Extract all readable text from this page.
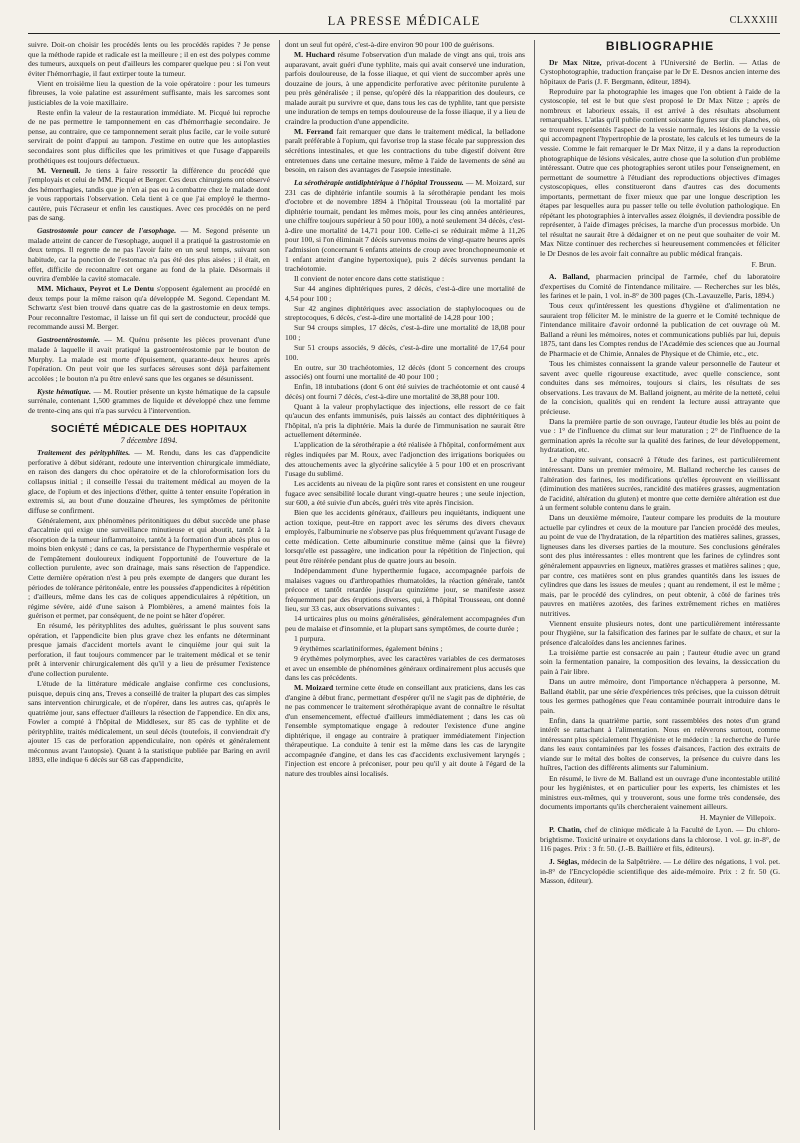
LA PRESSE MÉDICALE	CLXXXIII

suivre. Doit-on choisir les procédés lents ou les procédés rapides ? Je pense que la méthode rapide et radicale est la meilleure ; il en est des polypes comme des tumeurs, auxquels on peut d'ailleurs les comparer quelque peu : si l'on veut éviter l'hémorrhagie, il faut extirper toute la tumeur.

Vient en troisième lieu la question de la voie opératoire : pour les tumeurs fibreuses, la voie palatine est assurément suffisante, mais les sarcomes sont justiciables de la voie maxillaire.

Reste enfin la valeur de la restauration immédiate. M. Picqué lui reproche de ne pas permettre le tamponnement en cas d'hémorrhagie secondaire. Je pense, au contraire, que ce tamponnement serait plus facile, car le voile suturé servirait de point d'appui au tampon. J'estime en outre que les autoplasties secondaires sont plus difficiles que les primitives et que l'usage d'appareils prothétiques est toujours défectueux.

M. Verneuil. Je tiens à faire ressortir la différence du procédé que j'employais et celui de MM. Picqué et Berger. Ces deux chirurgiens ont observé des hémorrhagies, tandis que je n'en ai pas eu à combattre chez le malade dont je vous rapportais l'observation. Cela tient à ce que j'ai employé le thermo-cautère, puis l'écraseur et enfin les caustiques. Avec ces procédés on ne perd pas de sang.

Gastrostomie pour cancer de l'œsophage. — M. Segond présente un malade atteint de cancer de l'œsophage, auquel il a pratiqué la gastrostomie en deux temps. Il regrette de ne pas l'avoir faite en un seul temps, suivant son habitude, car la ponction de l'estomac n'a pas été des plus aisées ; il était, en effet, difficile de reconnaître cet organe au fond de la plaie. Désormais il ouvrira d'emblée la cavité stomacale.

MM. Michaux, Peyrot et Le Dentu s'opposent également au procédé en deux temps pour la même raison qu'a développée M. Segond. Cependant M. Schwartz s'est bien trouvé dans quatre cas de la gastrostomie en deux temps. Pour reconnaître l'estomac, il laisse un fil qui sert de conducteur, procédé que recommande aussi M. Berger.

Gastroentérostomie. — M. Quénu présente les pièces provenant d'une malade à laquelle il avait pratiqué la gastroentérostomie par le bouton de Murphy. La malade est morte d'épuisement, quarante-deux heures après l'opération. On peut voir que les surfaces séreuses sont déjà parfaitement accolées ; le bouton n'a pu être enlevé sans que les organes se désunissent.

Kyste hématique. — M. Routier présente un kyste hématique de la capsule surrénale, contenant 1,500 grammes de liquide et développé chez une femme de trente-cinq ans qui n'a pas survécu à l'intervention.

SOCIÉTÉ MÉDICALE DES HOPITAUX
7 décembre 1894.

Traitement des pérityphlites. — M. Rendu, dans les cas d'appendicite perforative à début sidérant, redoute une intervention chirurgicale immédiate, en raison des dangers du choc opératoire et de la chloroformisation lors du collapsus initial ; il conseille l'essai du traitement médical au moyen de la glace, de l'opium et des injections d'éther, quitte à tenter ensuite l'opération in extremis si, au bout d'une douzaine d'heures, les symptômes de péritonite diffuse se confirment.

Généralement, aux phénomènes péritonitiques du début succède une phase d'accalmie qui exige une surveillance minutieuse et qui aboutit, tantôt à la résorption de la tumeur inflammatoire, tantôt à la formation d'un abcès plus ou moins bien enkysté ; dans ce cas, la persistance de l'hyperthermie vespérale et de l'empâtement douloureux indiquent l'opportunité de l'ouverture de la collection purulente, avec son drainage, mais sans résection de l'appendice. Cette dernière opération n'est à peu près exempte de dangers que durant les périodes de tolérance péritonéale, entre les poussées d'appendicites à répétition ; d'ailleurs, même dans les cas de coliques appendiculaires à répétition, un régime sévère, aidé d'une saison à Plombières, a amené maintes fois la guérison et permet, par conséquent, de ne point se hâter d'opérer.

En résumé, les pérityphlites des adultes, guérissant le plus souvent sans opération, et l'appendicite bien plus grave chez les enfants ne déterminant presque jamais d'accident mortels avant le cinquième jour qui suit la perforation, il faut toujours commencer par le traitement médical et se tenir prêt à intervenir chirurgicalement dès qu'il y a lieu de présumer l'existence d'une collection purulente.

L'étude de la littérature médicale anglaise confirme ces conclusions, puisque, depuis cinq ans, Treves a conseillé de traiter la plupart des cas simples sans intervention chirurgicale, et de n'opérer, dans les autres cas, qu'après le quatrième jour, sans effectuer d'ailleurs la résection de l'appendice. En dix ans, Fowler a compté à l'hôpital de Middlesex, sur 85 cas de typhlite et de pérityphlite, traités médicalement, un seul décès (toutefois, il conviendrait d'y ajouter 15 cas de perforation appendiculaire, non opérés et généralement méconnus avant l'autopsie). Quant à la statistique publiée par Baring en avril 1893, elle indique 6 décès sur 68 cas d'appendicite,

dont un seul fut opéré, c'est-à-dire environ 90 pour 100 de guérisons.

M. Huchard résume l'observation d'un malade de vingt ans qui, trois ans auparavant, avait guéri d'une typhlite, mais qui avait conservé une induration, parfois douloureuse, de la fosse iliaque, et qui vient de succomber après une douzaine de jours, à une appendicite perforative avec péritonite purulente à peu près généralisée ; il pense, qu'opéré dès la réapparition des douleurs, ce malade aurait pu survivre et que, dans tous les cas de typhlite, tant que persiste une induration de temps en temps douloureuse de la fosse iliaque, il y a lieu de craindre la production d'une appendicite.

M. Ferrand fait remarquer que dans le traitement médical, la belladone paraît préférable à l'opium, qui favorise trop la stase fécale par suppression des sécrétions intestinales, et que les contractions du tube digestif doivent être entretenues dans une certaine mesure, même à l'aide de lavements de séné au besoin, en raison des avantages de l'asepsie intestinale.

La sérothérapie antidiphtérique à l'hôpital Trousseau. — M. Moizard, sur 231 cas de diphtérie infantile soumis à la sérothérapie pendant les mois d'octobre et de novembre 1894 à l'hôpital Trousseau (où la mortalité par diphtérie tournait, pendant les mêmes mois, pour les cinq années antérieures, une chiffre toujours supérieur à 50 pour 100), a noté seulement 34 décès, c'est-à-dire une mortalité de 14,71 pour 100. Celle-ci se réduirait même à 11,26 pour 100, si l'on éliminait 7 décès survenus moins de vingt-quatre heures après l'admission (concernant 6 enfants atteints de croup avec bronchopneumonie et 1 enfant atteint d'angine hypertoxique), puis 2 décès survenus pendant la trachéotomie.

Il convient de noter encore dans cette statistique :

Sur 44 angines diphtériques pures, 2 décès, c'est-à-dire une mortalité de 4,54 pour 100 ;

Sur 42 angines diphtériques avec association de staphylocoques ou de streptocoques, 6 décès, c'est-à-dire une mortalité de 14,28 pour 100 ;

Sur 94 croups simples, 17 décès, c'est-à-dire une mortalité de 18,08 pour 100 ;

Sur 51 croups associés, 9 décès, c'est-à-dire une mortalité de 17,64 pour 100.

En outre, sur 30 trachéotomies, 12 décès (dont 5 concernent des croups associés) ont fourni une mortalité de 40 pour 100 ;

Enfin, 18 intubations (dont 6 ont été suivies de trachéotomie et ont causé 4 décès) ont fourni 7 décès, c'est-à-dire une mortalité de 38,88 pour 100.

Quant à la valeur prophylactique des injections, elle ressort de ce fait qu'aucun des enfants immunisés, puis laissés au contact des diphtéritiques à l'hôpital, n'a pris la diphtérie. Mais la durée de l'immunisation ne saurait être actuellement déterminée.

L'application de la sérothérapie a été réalisée à l'hôpital, conformément aux règles indiquées par M. Roux, avec l'adjonction des irrigations boriquées ou des attouchements avec la glycérine salicylée à 5 pour 100 et en proscrivant l'usage du sublimé.

Les accidents au niveau de la piqûre sont rares et consistent en une rougeur fugace avec sensibilité locale durant vingt-quatre heures ; une seule injection, sur 600, a été suivie d'un abcès, guéri très vite après l'incision.

Bien que les accidents généraux, d'ailleurs peu inquiétants, indiquent une action toxique, peut-être en rapport avec les sérums des divers chevaux employés, l'albuminurie ne s'observe pas plus fréquemment qu'avant l'usage de cette médication. Cette albuminurie constitue même (ainsi que la fièvre) lorsqu'elle est passagère, une indication pour la répétition de l'injection, qui peut être réitérée pendant plus de quatre jours au besoin.

Indépendamment d'une hyperthermie fugace, accompagnée parfois de malaises vagues ou d'arthropathies rhumatoïdes, la réaction générale, tantôt précoce et tantôt retardée jusqu'au quinzième jour, se manifeste assez fréquemment par des éruptions diverses, qui, à l'hôpital Trousseau, ont donné lieu, sur 33 cas, aux observations suivantes :

14 urticaires plus ou moins généralisées, généralement accompagnées d'un peu de malaise et d'insomnie, et la plupart sans symptômes, de courte durée ;

1 purpura.

9 érythèmes scarlatiniformes, également bénins ;

9 érythèmes polymorphes, avec les caractères variables de ces dermatoses et avec un ensemble de phénomènes généraux ordinairement plus accusés que dans les cas précédents.

M. Moizard termine cette étude en conseillant aux praticiens, dans les cas d'angine à début franc, permettant d'espérer qu'il ne s'agit pas de diphtérie, de ne pas commencer le traitement sérothérapique avant de connaître le résultat d'un ensemencement, effectué d'ailleurs immédiatement ; dans les cas où l'ensemble symptomatique engage à redouter l'existence d'une angine diphtérique, il engage au contraire à pratiquer immédiatement l'injection thérapeutique. La conduite à tenir est la même dans les cas de laryngite accompagnée d'angine, et dans les cas d'accidents exclusivement laryngés ; l'injection est encore à préconiser, pour peu qu'il y ait doute à l'égard de la nature des troubles ainsi localisés.

BIBLIOGRAPHIE

Dr Max Nitze, privat-docent à l'Université de Berlin. — Atlas de Cystophotographie, traduction française par le Dr E. Desnos ancien interne des hôpitaux de Paris (J. F. Bergmann, éditeur, 1894).

Reproduire par la photographie les images que l'on obtient à l'aide de la cystoscopie, tel est le but que s'est proposé le Dr Max Nitze ; après de nombreux et laborieux essais, il est arrivé à des résultats absolument remarquables. L'atlas qu'il publie contient soixante figures sur dix planches, où se trouvent représentés l'aspect de la vessie normale, les lésions de la vessie qui accompagnent l'hypertrophie de la prostate, les calculs et les tumeurs de la vessie. Comme le fait remarquer le Dr Max Nitze, il y a dans la reproduction photographique de lésions vésicales, autre chose que la solution d'un problème intéressant. Outre que ces photographies seront utiles pour l'enseignement, en permettant de soumettre à l'étudiant des reproductions objectives d'images cystoscopiques, elles constitueront dans d'autres cas des documents importants, permettant de fixer mieux que par une longue description les étapes par lesquelles aura pu passer telle ou telle évolution pathologique. En répétant les photographies à intervalles assez éloignés, il deviendra possible de représenter, à l'aide d'images précises, la marche d'un processus morbide. Un tel résultat ne saurait être à dédaigner et on ne peut que souhaiter de voir M. Max Nitze continuer des recherches si heureusement commencées et féliciter le Dr Desnos de les avoir fait connaître au public médical français.

F. Brun.

A. Balland, pharmacien principal de l'armée, chef du laboratoire d'expertises du Comité de l'intendance militaire. — Recherches sur les blés, les farines et le pain, 1 vol. in-8° de 300 pages (Ch.-Lavauzelle, Paris, 1894.)

Tous ceux qu'intéressent les questions d'hygiène et d'alimentation ne sauraient trop féliciter M. le ministre de la guerre et le Comité technique de l'intendance militaire d'avoir ordonné la publication de cet ouvrage où M. Balland a réuni les mémoires, notes et communications publiés par lui, depuis 1875, tant dans les Comptes rendus de l'Académie des sciences que au Journal de Pharmacie et de Chimie, Annales de Physique et de Chimie, etc., etc.

Tous les chimistes connaissent la grande valeur personnelle de l'auteur et savent avec quelle rigoureuse exactitude, avec quelle conscience, sont conduites dans ses mémoires, toujours si clairs, les résultats de ses observations. Les travaux de M. Balland joignent, au mérite de la netteté, celui de la concision, qualités qui en rendent la lecture aussi attrayante que précieuse.

Dans la première partie de son ouvrage, l'auteur étudie les blés au point de vue : 1° de l'influence du climat sur leur maturation ; 2° de l'influence de la germination après la récolte sur la qualité des farines, de leur développement, hydratation, etc.

Le chapitre suivant, consacré à l'étude des farines, est particulièrement intéressant. Dans un premier mémoire, M. Balland recherche les causes de l'altération des farines, les modifications qu'elles éprouvent en vieillissant (diminution des matières sucrées, rancidité des matières grasses, augmentation de l'acidité, altération du gluten) et montre que cette dernière altération est due à un ferment soluble contenu dans le grain.

Dans un deuxième mémoire, l'auteur compare les produits de la mouture actuelle par cylindres et ceux de la mouture par l'ancien procédé des meules, au point de vue de l'hydratation, de la répartition des matières salines, grasses, ligneuses dans les diverses parties de la mouture. Ses conclusions générales sont des plus intéressantes : elles montrent que les farines de cylindres sont généralement appauvries en ligneux, matières grasses et matières salines ; que, par contre, ces matières sont en plus grandes quantités dans les issues de cylindres que dans les issues de meules ; quant au rendement, il est le même ; mais, par le procédé des cylindres, on peut obtenir, à côté de farines très pauvres en matières azotées, des farines extrêmement riches en matières nutritives.

Viennent ensuite plusieurs notes, dont une particulièrement intéressante pour l'hygiène, sur la falsification des farines par le sulfate de chaux, et sur la présence d'alcaloïdes dans les anciennes farines.

La troisième partie est consacrée au pain ; l'auteur étudie avec un grand soin la fermentation panaire, la composition des levains, la dessiccation du pain à l'air libre.

Dans un autre mémoire, dont l'importance n'échappera à personne, M. Balland établit, par une série d'expériences très précises, que la cuisson détruit tous les germes pathogènes que l'eau contaminée pourrait introduire dans le pain.

Enfin, dans la quatrième partie, sont rassemblées des notes d'un grand intérêt se rattachant à l'alimentation. Nous en relèverons surtout, comme intéressant plus spécialement l'hygiéniste et le médecin : la recherche de l'urée dans les eaux contaminées par les fosses d'aisances, l'action des extraits de viande sur le métal des boîtes de conserves, la présence du cuivre dans les huîtres, l'action des différents aliments sur l'aluminium.

En résumé, le livre de M. Balland est un ouvrage d'une incontestable utilité pour les hygiénistes, et en particulier pour les experts, les chimistes et les ministres eux-mêmes, qui y trouveront, sous une forme très condensée, des documents importants qu'ils chercheraient vainement ailleurs.

H. Maynier de Villepoix.

P. Chatin, chef de clinique médicale à la Faculté de Lyon. — Du chloro-brightisme. Toxicité urinaire et oxydations dans la chlorose. 1 vol. gr. in-8°, de 116 pages. Prix : 3 fr. 50. (J.-B. Baillière et fils, éditeurs).

J. Séglas, médecin de la Salpêtrière. — Le délire des négations, 1 vol. pet. in-8° de l'Encyclopédie scientifique des aide-mémoire. Prix : 2 fr. 50 (G. Masson, éditeur).
